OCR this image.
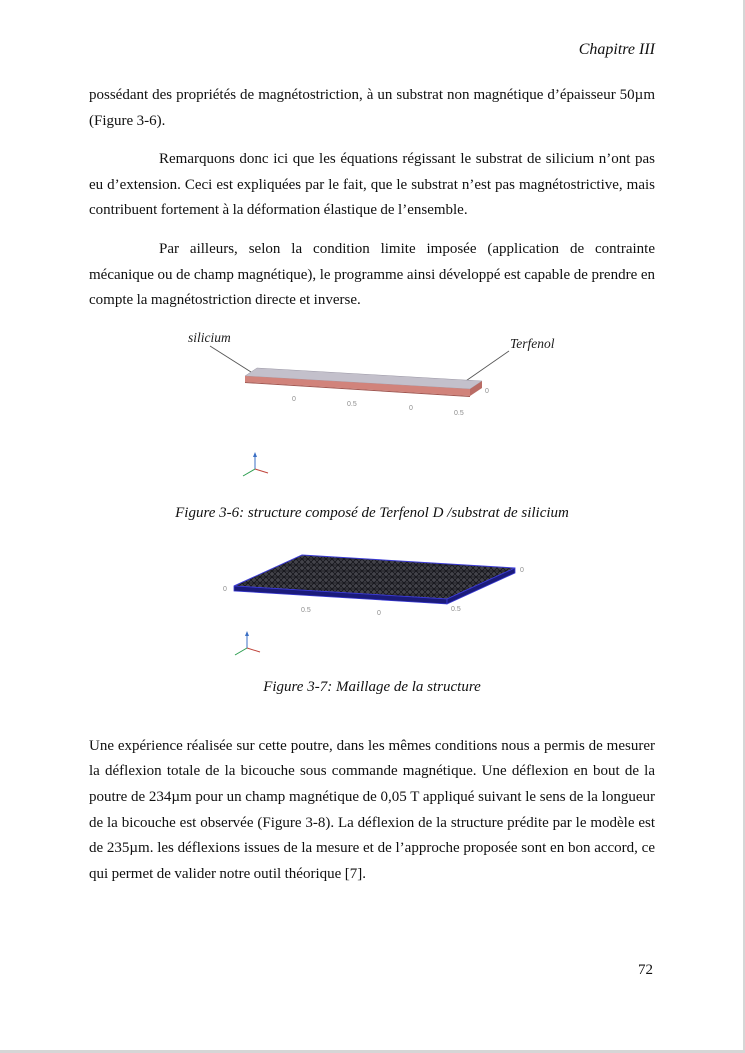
Chapitre III

possédant des propriétés de magnétostriction, à un substrat non magnétique d’épaisseur 50µm (Figure 3-6).

Remarquons donc ici que les équations régissant le substrat de silicium n’ont pas eu d’extension. Ceci est expliquées par le fait, que le substrat n’est pas magnétostrictive, mais contribuent fortement à la déformation élastique de l’ensemble.

Par ailleurs, selon la condition limite imposée (application de contrainte mécanique ou de champ magnétique), le programme ainsi développé est capable de prendre en compte la magnétostriction directe et inverse.

silicium	Terfenol
0
0.5
0
0.5
0

Figure 3-6: structure composé de Terfenol D /substrat de silicium

0
0.5	0
0.5
0

Figure 3-7: Maillage de la structure

Une expérience réalisée sur cette poutre, dans les mêmes conditions nous a permis de mesurer la déflexion totale de la bicouche sous commande magnétique. Une déflexion en bout de la poutre de 234µm pour un champ magnétique de 0,05 T appliqué suivant le sens de la longueur de la bicouche est observée (Figure 3-8). La déflexion de la structure prédite par le modèle est de 235µm. les déflexions issues de la mesure et de l’approche proposée sont en bon accord, ce qui permet de valider notre outil théorique [7].

72
